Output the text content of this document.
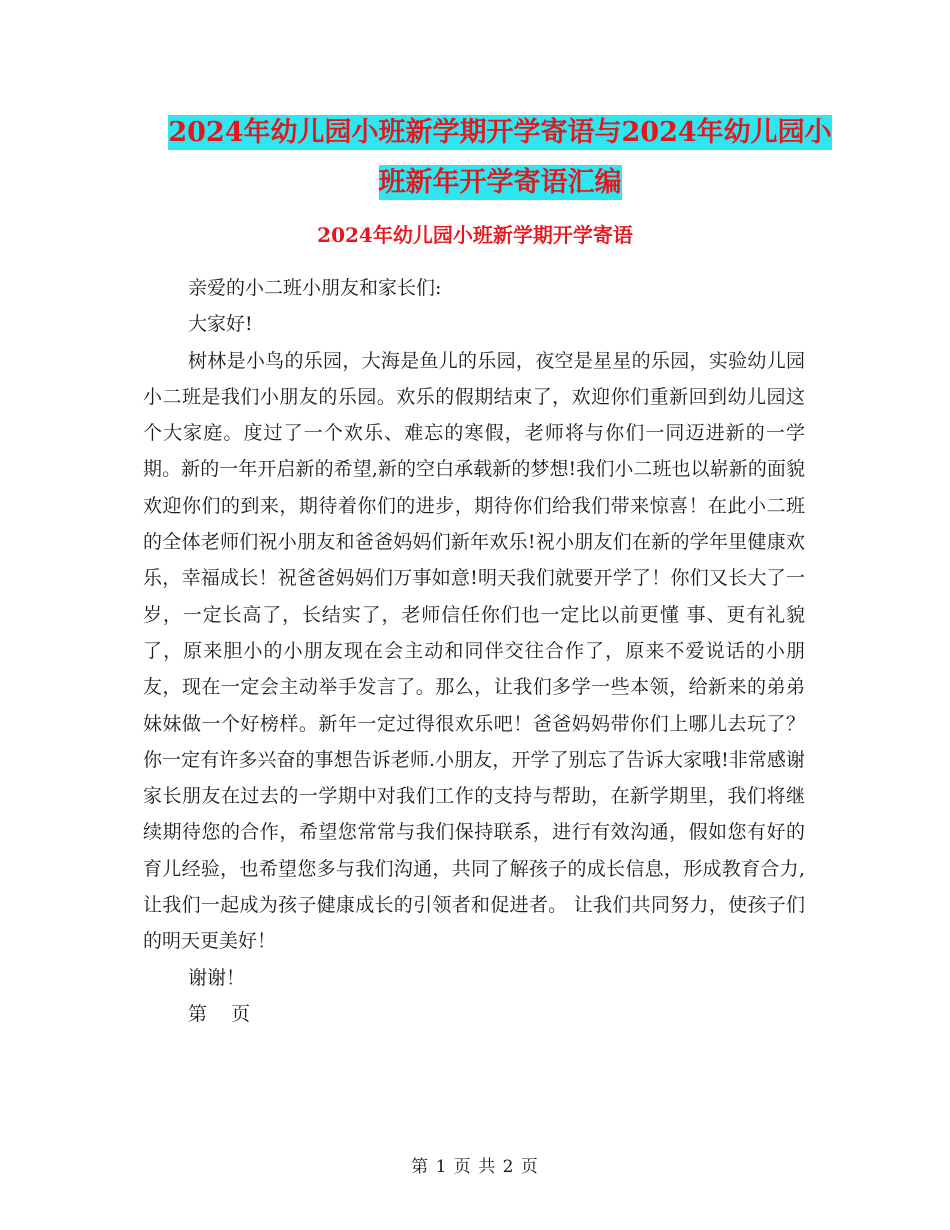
2024年幼儿园小班新学期开学寄语与2024年幼儿园小
班新年开学寄语汇编
2024年幼儿园小班新学期开学寄语

亲爱的小二班小朋友和家长们:

大家好!

树林是小鸟的乐园，大海是鱼儿的乐园，夜空是星星的乐园，实验幼儿园小二班是我们小朋友的乐园。欢乐的假期结束了，欢迎你们重新回到幼儿园这个大家庭。度过了一个欢乐、难忘的寒假，老师将与你们一同迈进新的一学期。新的一年开启新的希望,新的空白承载新的梦想!我们小二班也以崭新的面貌欢迎你们的到来，期待着你们的进步，期待你们给我们带来惊喜！在此小二班的全体老师们祝小朋友和爸爸妈妈们新年欢乐!祝小朋友们在新的学年里健康欢乐，幸福成长！祝爸爸妈妈们万事如意!明天我们就要开学了！你们又长大了一岁，一定长高了，长结实了，老师信任你们也一定比以前更懂 事、更有礼貌了，原来胆小的小朋友现在会主动和同伴交往合作了，原来不爱说话的小朋友，现在一定会主动举手发言了。那么，让我们多学一些本领，给新来的弟弟妹妹做一个好榜样。新年一定过得很欢乐吧！爸爸妈妈带你们上哪儿去玩了？你一定有许多兴奋的事想告诉老师.小朋友，开学了别忘了告诉大家哦!非常感谢家长朋友在过去的一学期中对我们工作的支持与帮助，在新学期里，我们将继续期待您的合作，希望您常常与我们保持联系，进行有效沟通，假如您有好的育儿经验，也希望您多与我们沟通，共同了解孩子的成长信息，形成教育合力,让我们一起成为孩子健康成长的引领者和促进者。 让我们共同努力，使孩子们的明天更美好！

谢谢！

第    页

第 1 页 共 2 页
